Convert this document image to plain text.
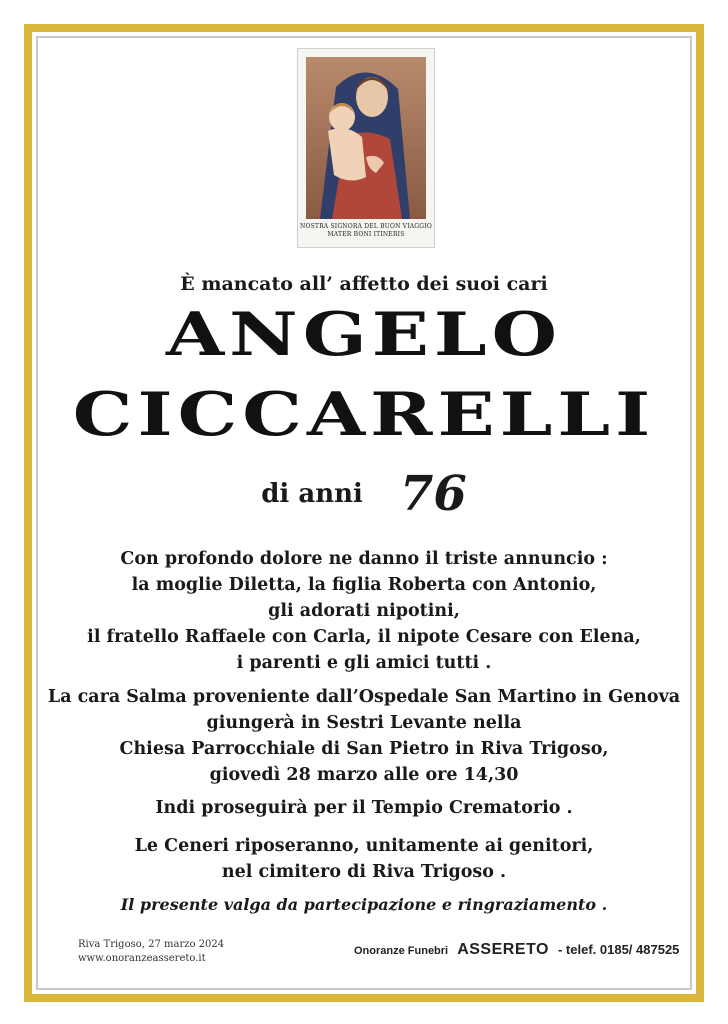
NOSTRA SIGNORA DEL BUON VIAGGIO
MATER BONI ITINERIS
È mancato all’ affetto dei suoi cari
ANGELO
CICCARELLI
di anni 76
Con profondo dolore ne danno il triste annuncio :
la moglie Diletta, la figlia Roberta con Antonio,
gli adorati nipotini,
il fratello Raffaele con Carla, il nipote Cesare con Elena,
i parenti e gli amici tutti .
La cara Salma proveniente dall’Ospedale San Martino in Genova
giungerà in Sestri Levante nella
Chiesa Parrocchiale di San Pietro in Riva Trigoso,
giovedì 28 marzo alle ore 14,30
Indi proseguirà per il Tempio Crematorio .
Le Ceneri riposeranno, unitamente ai genitori,
nel cimitero di Riva Trigoso .
Il presente valga da partecipazione e ringraziamento .
Riva Trigoso, 27 marzo 2024
www.onoranzeassereto.it
Onoranze Funebri ASSERETO - telef. 0185/ 487525
